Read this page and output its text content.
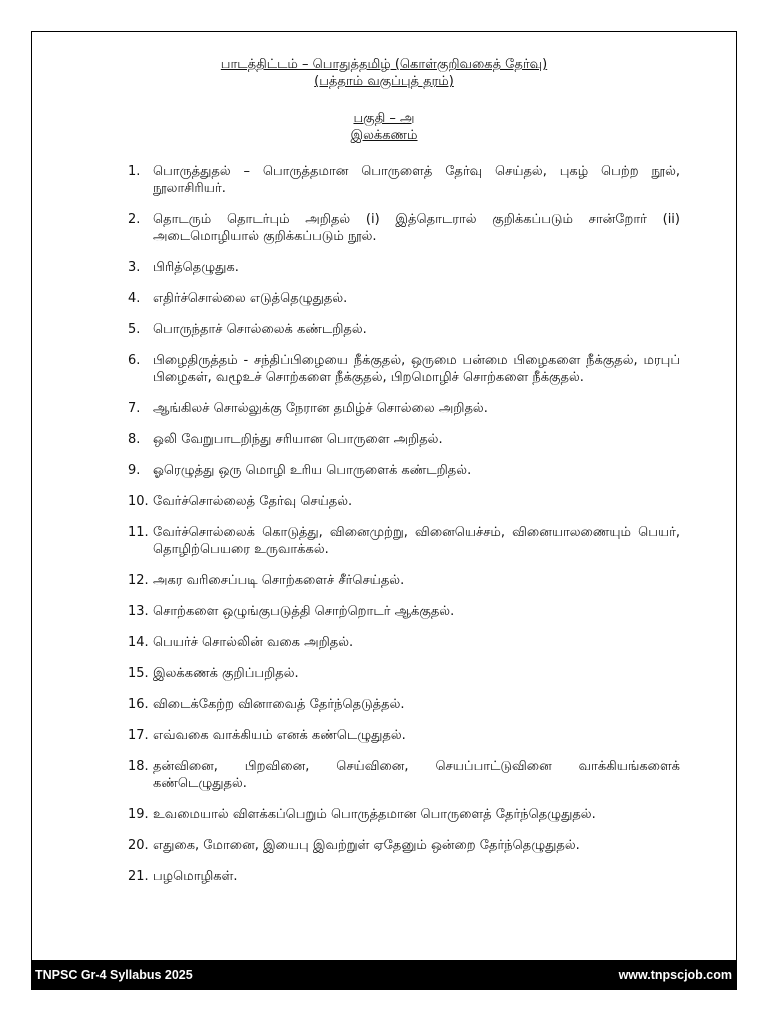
பாடத்திட்டம் – பொதுத்தமிழ் (கொள்குறிவகைத் தேர்வு)
(பத்தாம் வகுப்புத் தரம்)
பகுதி – அ
இலக்கணம்
1. பொருத்துதல் – பொருத்தமான பொருளைத் தேர்வு செய்தல், புகழ் பெற்ற நூல், நூலாசிரியர்.
2. தொடரும் தொடர்பும் அறிதல் (i) இத்தொடரால் குறிக்கப்படும் சான்றோர் (ii) அடைமொழியால் குறிக்கப்படும் நூல்.
3. பிரித்தெழுதுக.
4. எதிர்ச்சொல்லை எடுத்தெழுதுதல்.
5. பொருந்தாச் சொல்லைக் கண்டறிதல்.
6. பிழைதிருத்தம் - சந்திப்பிழையை நீக்குதல், ஒருமை பன்மை பிழைகளை நீக்குதல், மரபுப் பிழைகள், வழூஉச் சொற்களை நீக்குதல், பிறமொழிச் சொற்களை நீக்குதல்.
7. ஆங்கிலச் சொல்லுக்கு நேரான தமிழ்ச் சொல்லை அறிதல்.
8. ஒலி வேறுபாடறிந்து சரியான பொருளை அறிதல்.
9. ஓரெழுத்து ஒரு மொழி உரிய பொருளைக் கண்டறிதல்.
10. வேர்ச்சொல்லைத் தேர்வு செய்தல்.
11. வேர்ச்சொல்லைக் கொடுத்து, வினைமுற்று, வினையெச்சம், வினையாலணையும் பெயர், தொழிற்பெயரை உருவாக்கல்.
12. அகர வரிசைப்படி சொற்களைச் சீர்செய்தல்.
13. சொற்களை ஒழுங்குபடுத்தி சொற்றொடர் ஆக்குதல்.
14. பெயர்ச் சொல்லின் வகை அறிதல்.
15. இலக்கணக் குறிப்பறிதல்.
16. விடைக்கேற்ற வினாவைத் தேர்ந்தெடுத்தல்.
17. எவ்வகை வாக்கியம் எனக் கண்டெழுதுதல்.
18. தன்வினை, பிறவினை, செய்வினை, செயப்பாட்டுவினை வாக்கியங்களைக் கண்டெழுதுதல்.
19. உவமையால் விளக்கப்பெறும் பொருத்தமான பொருளைத் தேர்ந்தெழுதுதல்.
20. எதுகை, மோனை, இயைபு இவற்றுள் ஏதேனும் ஒன்றை தேர்ந்தெழுதுதல்.
21. பழமொழிகள்.
TNPSC Gr-4 Syllabus 2025	www.tnpscjob.com
